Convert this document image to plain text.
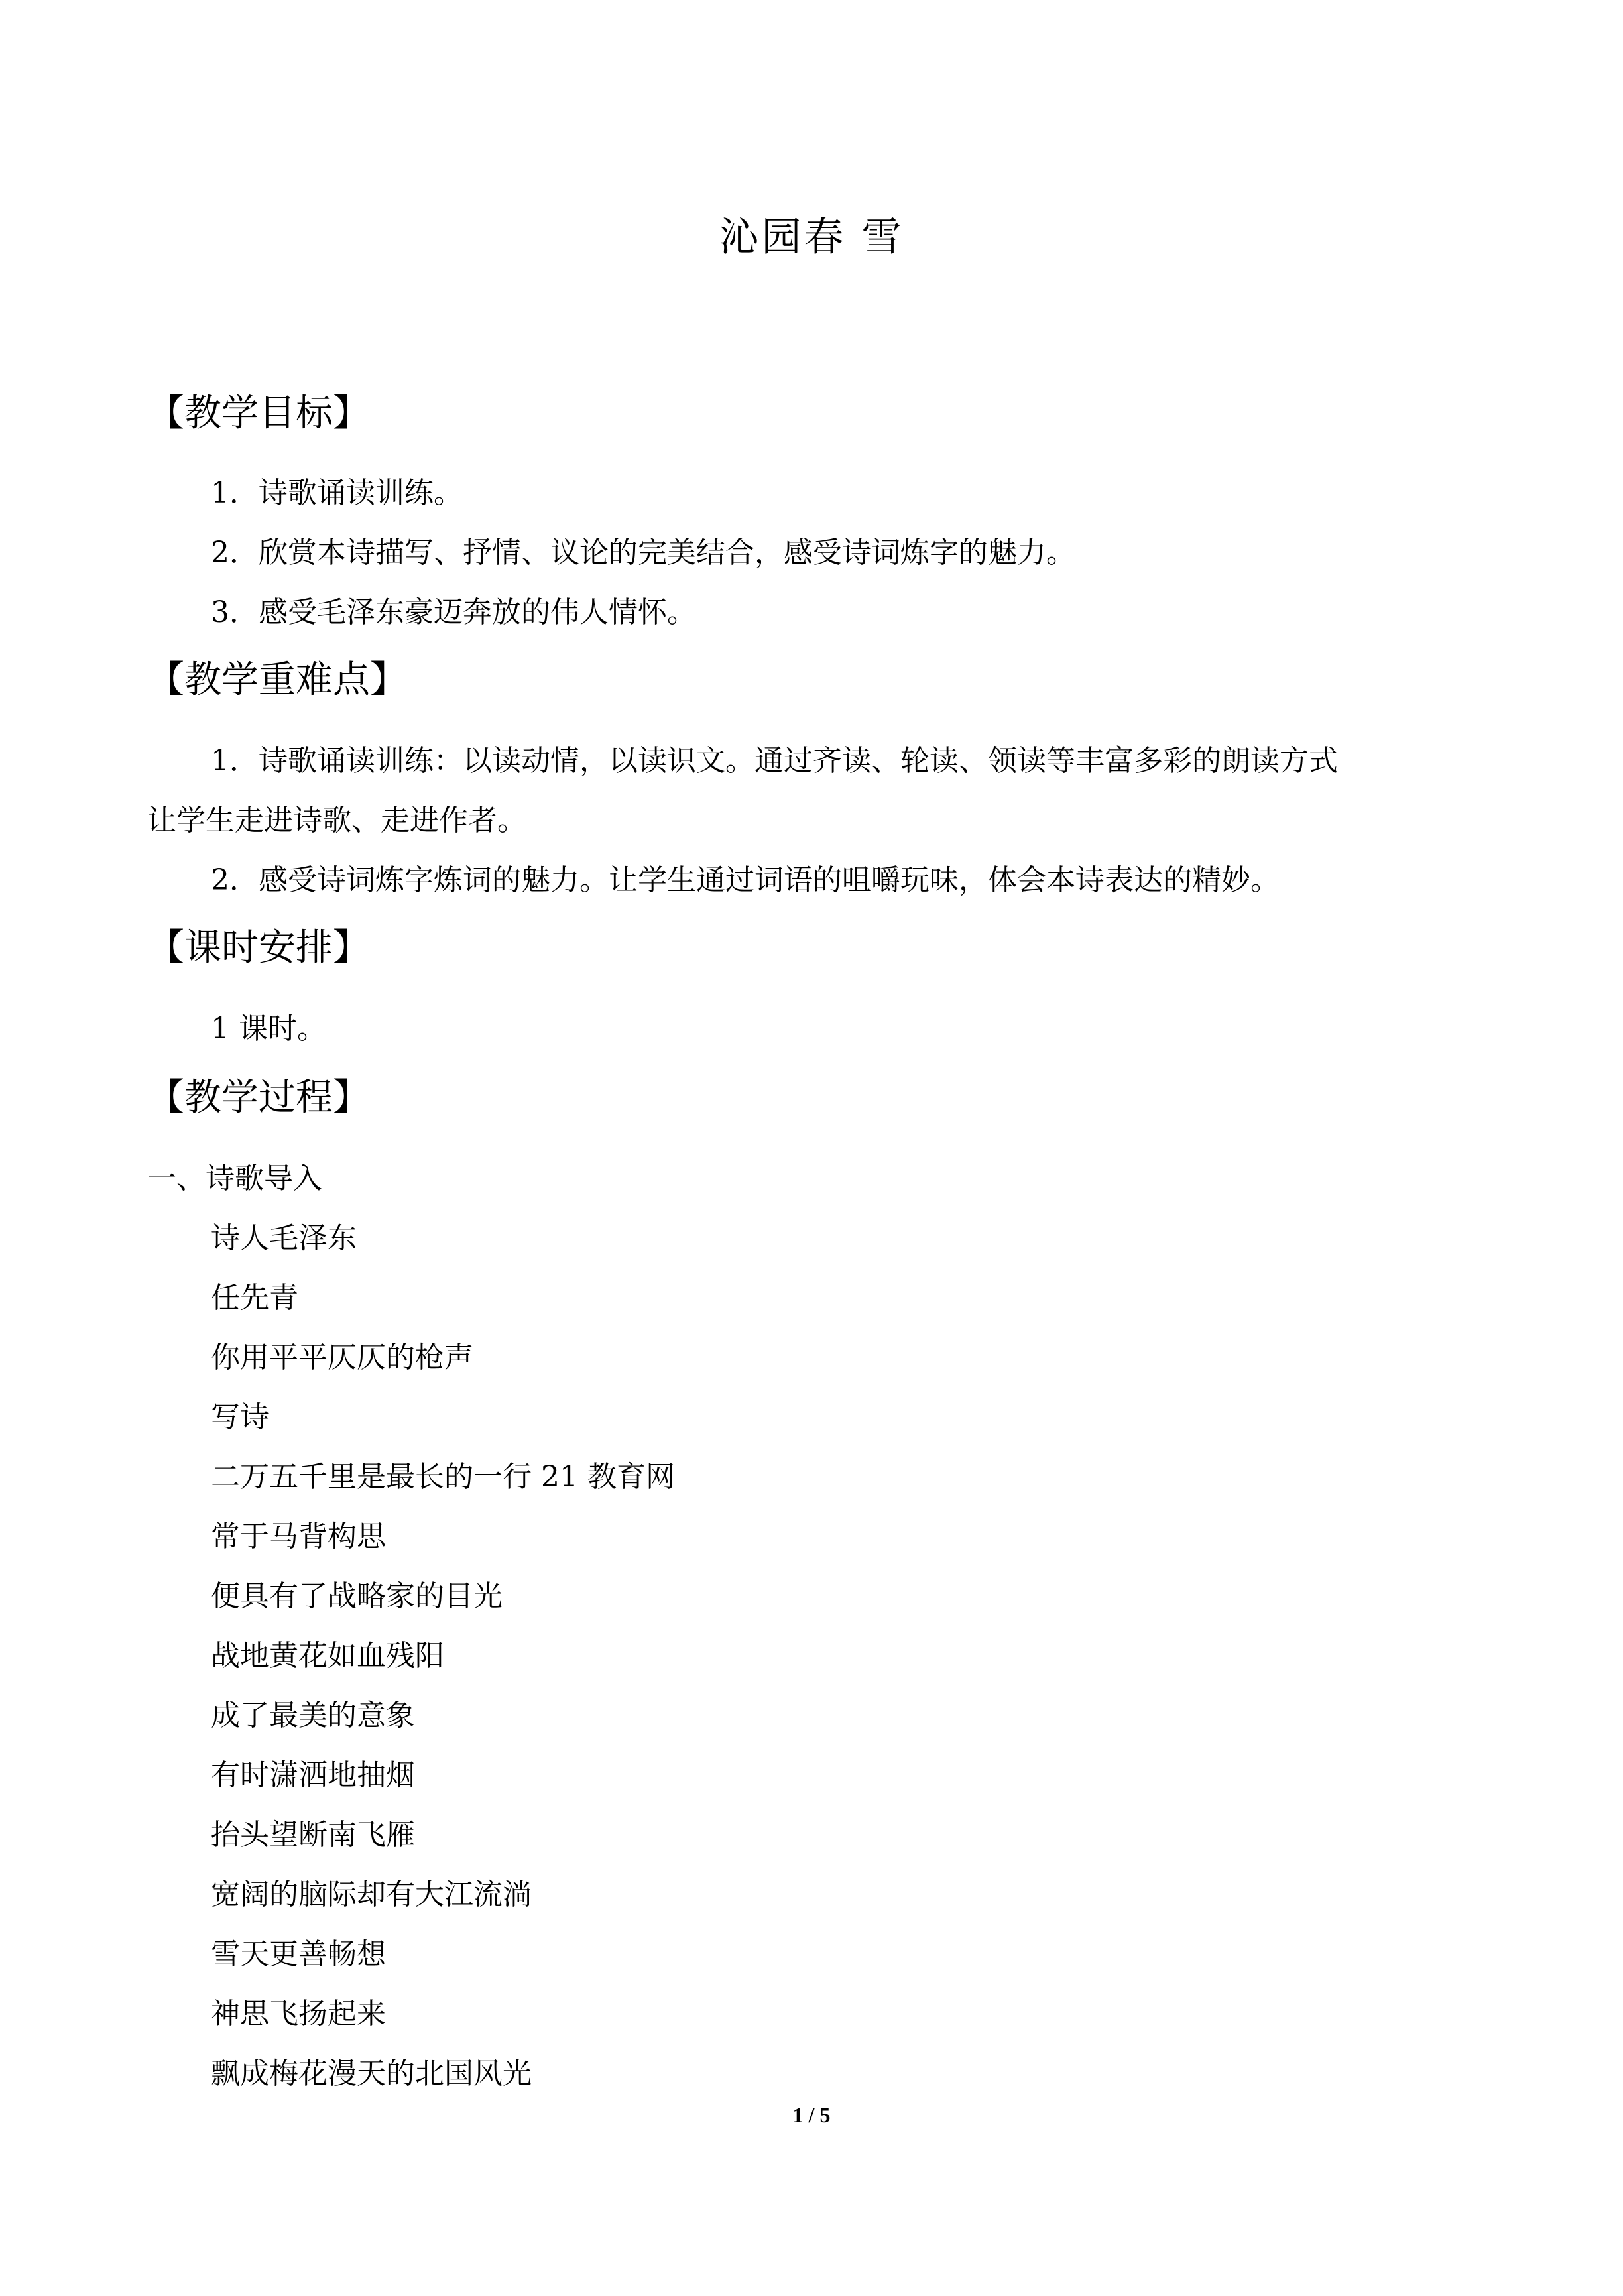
沁园春 雪
【教学目标】
1．诗歌诵读训练。
2．欣赏本诗描写、抒情、议论的完美结合，感受诗词炼字的魅力。
3．感受毛泽东豪迈奔放的伟人情怀。
【教学重难点】
1．诗歌诵读训练：以读动情，以读识文。通过齐读、轮读、领读等丰富多彩的朗读方式
让学生走进诗歌、走进作者。
2．感受诗词炼字炼词的魅力。让学生通过词语的咀嚼玩味，体会本诗表达的精妙。
【课时安排】
1 课时。
【教学过程】
一、诗歌导入
诗人毛泽东
任先青
你用平平仄仄的枪声
写诗
二万五千里是最长的一行 21 教育网
常于马背构思
便具有了战略家的目光
战地黄花如血残阳
成了最美的意象
有时潇洒地抽烟
抬头望断南飞雁
宽阔的脑际却有大江流淌
雪天更善畅想
神思飞扬起来
飘成梅花漫天的北国风光
1 / 5
